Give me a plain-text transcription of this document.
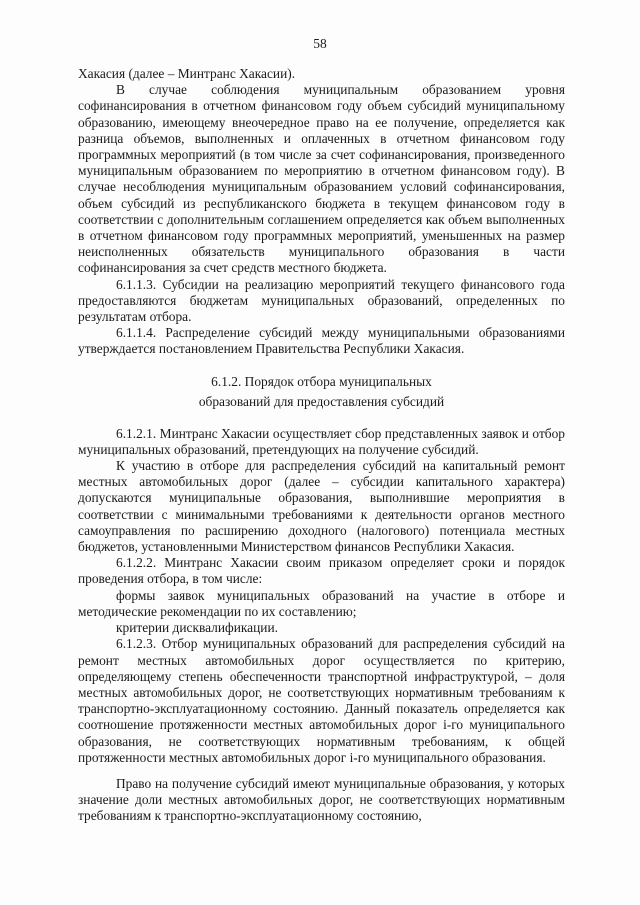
58

Хакасия (далее – Минтранс Хакасии).

В случае соблюдения муниципальным образованием уровня софинансирования в отчетном финансовом году объем субсидий муниципальному образованию, имеющему внеочередное право на ее получение, определяется как разница объемов, выполненных и оплаченных в отчетном финансовом году программных мероприятий (в том числе за счет софинансирования, произведенного муниципальным образованием по мероприятию в отчетном финансовом году). В случае несоблюдения муниципальным образованием условий софинансирования, объем субсидий из республиканского бюджета в текущем финансовом году в соответствии с дополнительным соглашением определяется как объем выполненных в отчетном финансовом году программных мероприятий, уменьшенных на размер неисполненных обязательств муниципального образования в части софинансирования за счет средств местного бюджета.

6.1.1.3. Субсидии на реализацию мероприятий текущего финансового года предоставляются бюджетам муниципальных образований, определенных по результатам отбора.

6.1.1.4. Распределение субсидий между муниципальными образованиями утверждается постановлением Правительства Республики Хакасия.

6.1.2. Порядок отбора муниципальных
образований для предоставления субсидий

6.1.2.1. Минтранс Хакасии осуществляет сбор представленных заявок и отбор муниципальных образований, претендующих на получение субсидий.

К участию в отборе для распределения субсидий на капитальный ремонт местных автомобильных дорог (далее – субсидии капитального характера) допускаются муниципальные образования, выполнившие мероприятия в соответствии с минимальными требованиями к деятельности органов местного самоуправления по расширению доходного (налогового) потенциала местных бюджетов, установленными Министерством финансов Республики Хакасия.

6.1.2.2. Минтранс Хакасии своим приказом определяет сроки и порядок проведения отбора, в том числе:

формы заявок муниципальных образований на участие в отборе и методические рекомендации по их составлению;

критерии дисквалификации.

6.1.2.3. Отбор муниципальных образований для распределения субсидий на ремонт местных автомобильных дорог осуществляется по критерию, определяющему степень обеспеченности транспортной инфраструктурой, – доля местных автомобильных дорог, не соответствующих нормативным требованиям к транспортно-эксплуатационному состоянию. Данный показатель определяется как соотношение протяженности местных автомобильных дорог i-го муниципального образования, не соответствующих нормативным требованиям, к общей протяженности местных автомобильных дорог i-го муниципального образования.

Право на получение субсидий имеют муниципальные образования, у которых значение доли местных автомобильных дорог, не соответствующих нормативным требованиям к транспортно-эксплуатационному состоянию,
